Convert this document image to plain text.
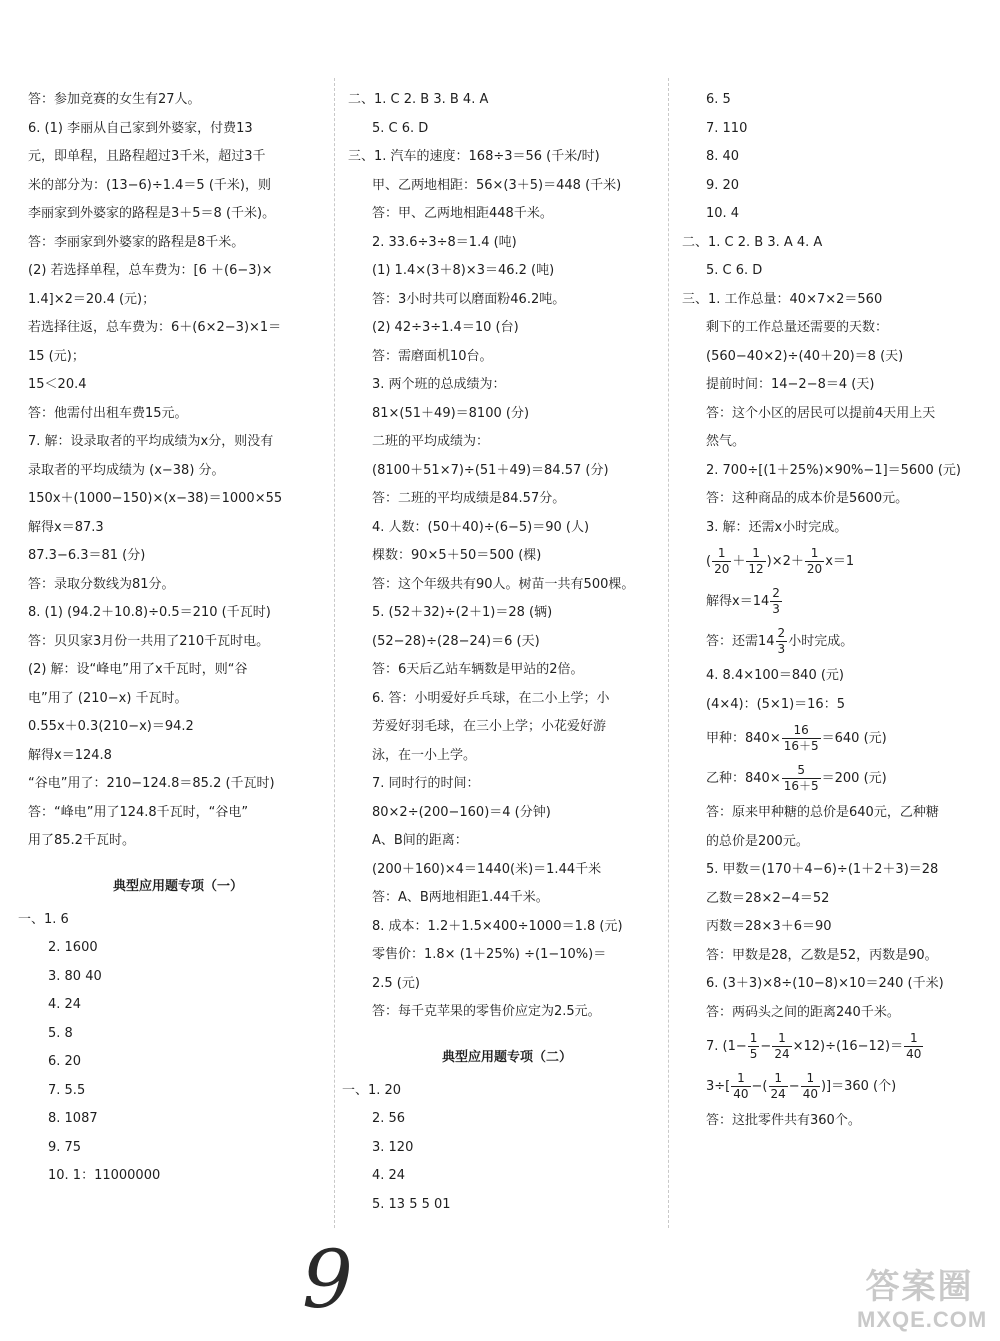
答：参加竞赛的女生有27人。
6. (1) 李丽从自己家到外婆家，付费13
元，即单程，且路程超过3千米，超过3千
米的部分为：(13−6)÷1.4＝5 (千米)，则
李丽家到外婆家的路程是3＋5＝8 (千米)。
答：李丽家到外婆家的路程是8千米。
(2) 若选择单程，总车费为：[6 ＋(6−3)×
1.4]×2＝20.4 (元)；
若选择往返，总车费为：6＋(6×2−3)×1＝
15 (元)；
15＜20.4
答：他需付出租车费15元。
7. 解：设录取者的平均成绩为x分，则没有
录取者的平均成绩为 (x−38) 分。
150x＋(1000−150)×(x−38)＝1000×55
解得x＝87.3
87.3−6.3＝81 (分)
答：录取分数线为81分。
8. (1) (94.2＋10.8)÷0.5＝210 (千瓦时)
答：贝贝家3月份一共用了210千瓦时电。
(2) 解：设“峰电”用了x千瓦时，则“谷
电”用了 (210−x) 千瓦时。
0.55x＋0.3(210−x)＝94.2
解得x＝124.8
“谷电”用了：210−124.8＝85.2 (千瓦时)
答：“峰电”用了124.8千瓦时，“谷电”
用了85.2千瓦时。
典型应用题专项（一）
一、1. 6
2. 1600
3. 80 40
4. 24
5. 8
6. 20
7. 5.5
8. 1087
9. 75
10. 1：11000000
二、1. C 2. B 3. B 4. A
5. C 6. D
三、1. 汽车的速度：168÷3＝56 (千米/时)
甲、乙两地相距：56×(3＋5)＝448 (千米)
答：甲、乙两地相距448千米。
2. 33.6÷3÷8＝1.4 (吨)
(1) 1.4×(3＋8)×3＝46.2 (吨)
答：3小时共可以磨面粉46.2吨。
(2) 42÷3÷1.4＝10 (台)
答：需磨面机10台。
3. 两个班的总成绩为：
81×(51＋49)＝8100 (分)
二班的平均成绩为：
(8100＋51×7)÷(51＋49)＝84.57 (分)
答：二班的平均成绩是84.57分。
4. 人数：(50＋40)÷(6−5)＝90 (人)
棵数：90×5＋50＝500 (棵)
答：这个年级共有90人。树苗一共有500棵。
5. (52＋32)÷(2＋1)＝28 (辆)
(52−28)÷(28−24)＝6 (天)
答：6天后乙站车辆数是甲站的2倍。
6. 答：小明爱好乒乓球，在二小上学；小
芳爱好羽毛球，在三小上学；小花爱好游
泳，在一小上学。
7. 同时行的时间：
80×2÷(200−160)＝4 (分钟)
A、B间的距离：
(200＋160)×4＝1440(米)＝1.44千米
答：A、B两地相距1.44千米。
8. 成本：1.2＋1.5×400÷1000＝1.8 (元)
零售价：1.8× (1＋25%) ÷(1−10%)＝
2.5 (元)
答：每千克苹果的零售价应定为2.5元。
典型应用题专项（二）
一、1. 20
2. 56
3. 120
4. 24
5. 13 5 5 01
6. 5
7. 110
8. 40
9. 20
10. 4
二、1. C 2. B 3. A 4. A
5. C 6. D
三、1. 工作总量：40×7×2＝560
剩下的工作总量还需要的天数：
(560−40×2)÷(40＋20)＝8 (天)
提前时间：14−2−8＝4 (天)
答：这个小区的居民可以提前4天用上天
然气。
2. 700÷[(1＋25%)×90%−1]＝5600 (元)
答：这种商品的成本价是5600元。
3. 解：还需x小时完成。
( $\frac{1}{20} + \frac{1}{12} )\times 2+ \frac{1}{20} x=1$
解得$x=14 \frac{2}{3}$
答：还需$14 \frac{2}{3}$ 小时完成。
4. 8.4×100＝840 (元)
(4×4)：(5×1)＝16：5
甲种：$840\times \frac{16}{16+5} =640$ (元)
乙种：$840\times \frac{5}{16+5} =200$ (元)
答：原来甲种糖的总价是640元，乙种糖
的总价是200元。
5. 甲数＝(170＋4−6)÷(1＋2＋3)＝28
乙数＝28×2−4＝52
丙数＝28×3＋6＝90
答：甲数是28，乙数是52，丙数是90。
6. (3＋3)×8÷(10−8)×10＝240 (千米)
答：两码头之间的距离240千米。
7. $(1- \frac{1}{5} - \frac{1}{24} \times 12)\div(16-12)= \frac{1}{40}$
$3\div[ \frac{1}{40}$ −( $\frac{1}{24} - \frac{1}{40} )]=360$ (个)
答：这批零件共有360个。
9	答案圈
MXQE.COM
